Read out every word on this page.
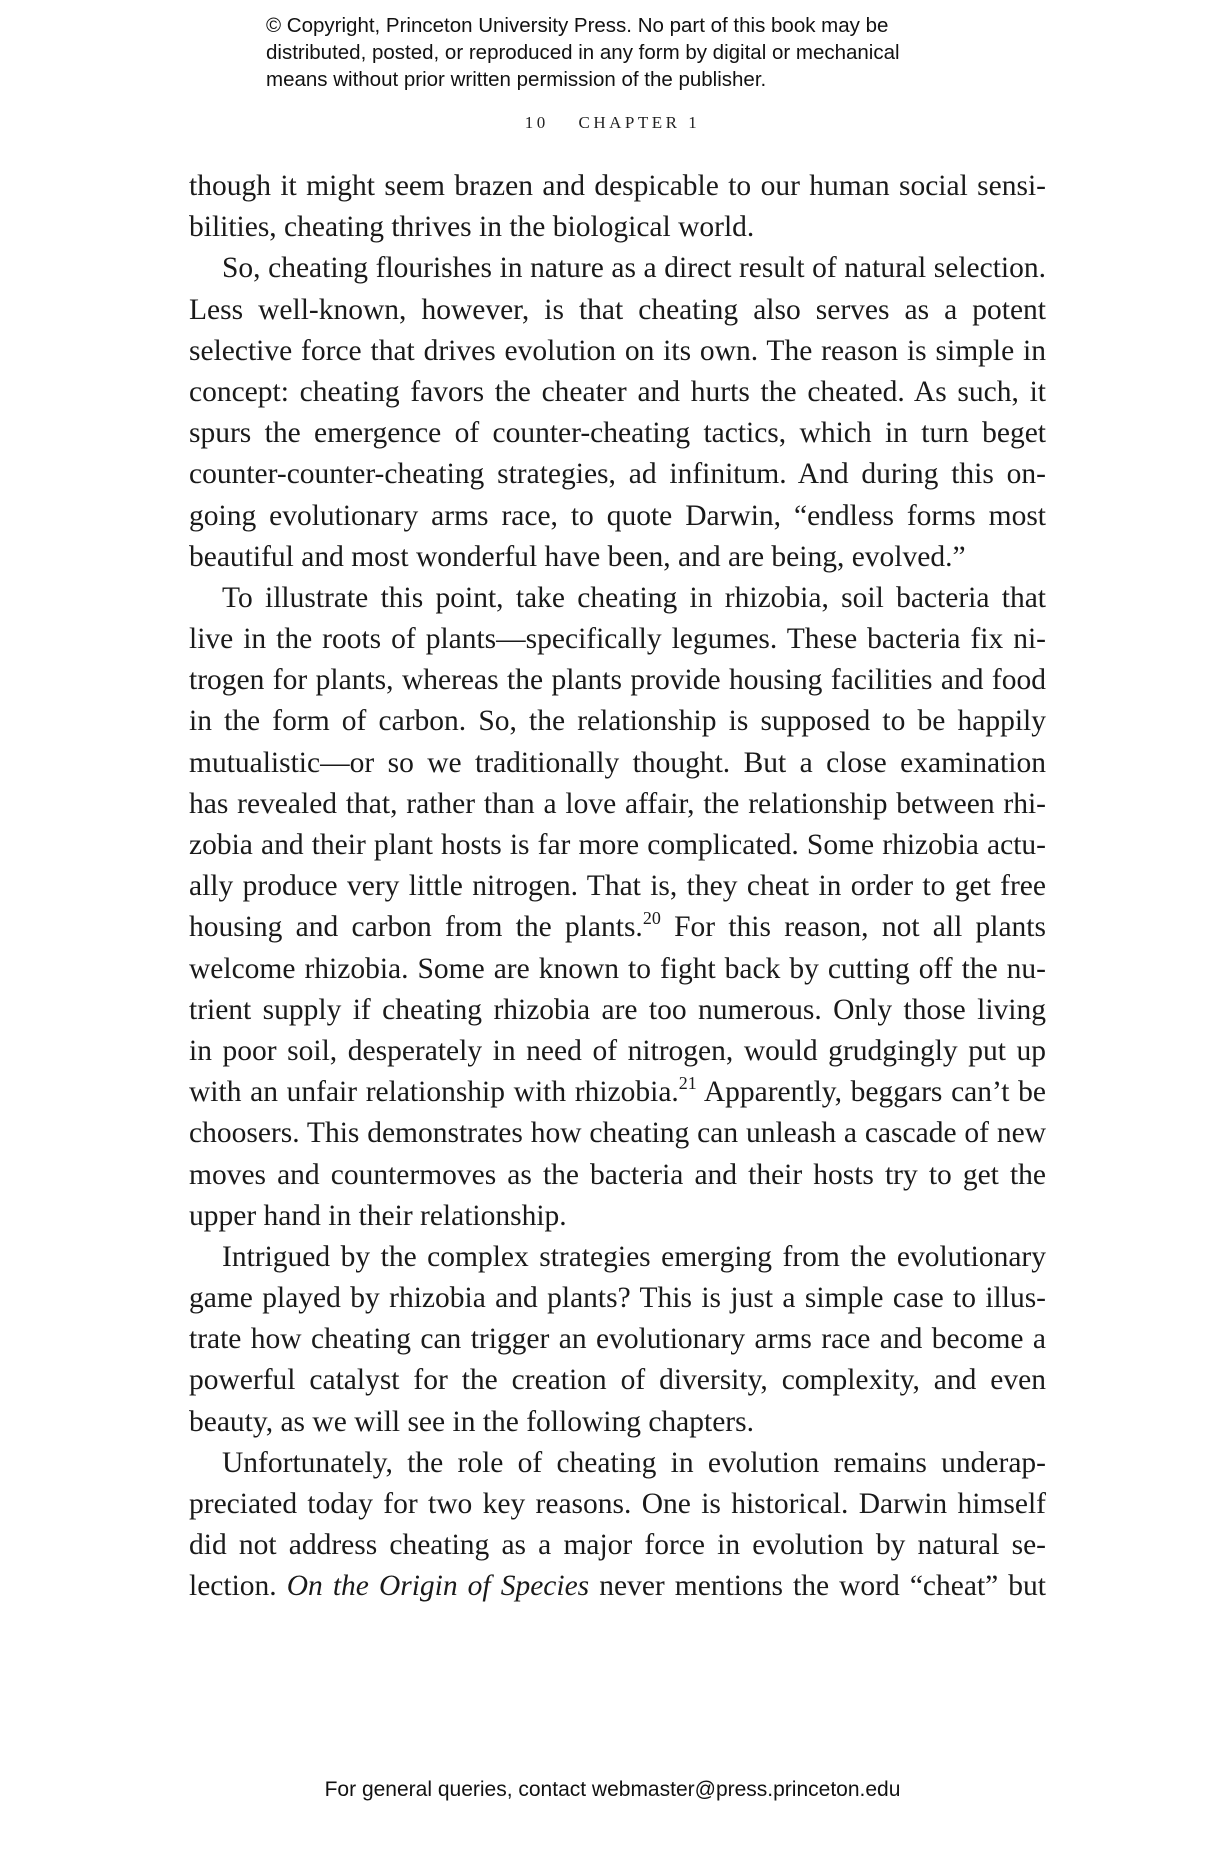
© Copyright, Princeton University Press. No part of this book may be
distributed, posted, or reproduced in any form by digital or mechanical
means without prior written permission of the publisher.
10 CHAPTER 1
though it might seem brazen and despicable to our human social sensi-
bilities, cheating thrives in the biological world.
So, cheating flourishes in nature as a direct result of natural selection.
Less well-known, however, is that cheating also serves as a potent
selective force that drives evolution on its own. The reason is simple in
concept: cheating favors the cheater and hurts the cheated. As such, it
spurs the emergence of counter-cheating tactics, which in turn beget
counter-counter-cheating strategies, ad infinitum. And during this on-
going evolutionary arms race, to quote Darwin, “endless forms most
beautiful and most wonderful have been, and are being, evolved.”
To illustrate this point, take cheating in rhizobia, soil bacteria that
live in the roots of plants—specifically legumes. These bacteria fix ni-
trogen for plants, whereas the plants provide housing facilities and food
in the form of carbon. So, the relationship is supposed to be happily
mutualistic—or so we traditionally thought. But a close examination
has revealed that, rather than a love affair, the relationship between rhi-
zobia and their plant hosts is far more complicated. Some rhizobia actu-
ally produce very little nitrogen. That is, they cheat in order to get free
housing and carbon from the plants.$^{20}$ For this reason, not all plants
welcome rhizobia. Some are known to fight back by cutting off the nu-
trient supply if cheating rhizobia are too numerous. Only those living
in poor soil, desperately in need of nitrogen, would grudgingly put up
with an unfair relationship with rhizobia.$^{21}$ Apparently, beggars can’t be
choosers. This demonstrates how cheating can unleash a cascade of new
moves and countermoves as the bacteria and their hosts try to get the
upper hand in their relationship.
Intrigued by the complex strategies emerging from the evolutionary
game played by rhizobia and plants? This is just a simple case to illus-
trate how cheating can trigger an evolutionary arms race and become a
powerful catalyst for the creation of diversity, complexity, and even
beauty, as we will see in the following chapters.
Unfortunately, the role of cheating in evolution remains underap-
preciated today for two key reasons. One is historical. Darwin himself
did not address cheating as a major force in evolution by natural se-
lection. On the Origin of Species never mentions the word “cheat” but
For general queries, contact webmaster@press.princeton.edu
